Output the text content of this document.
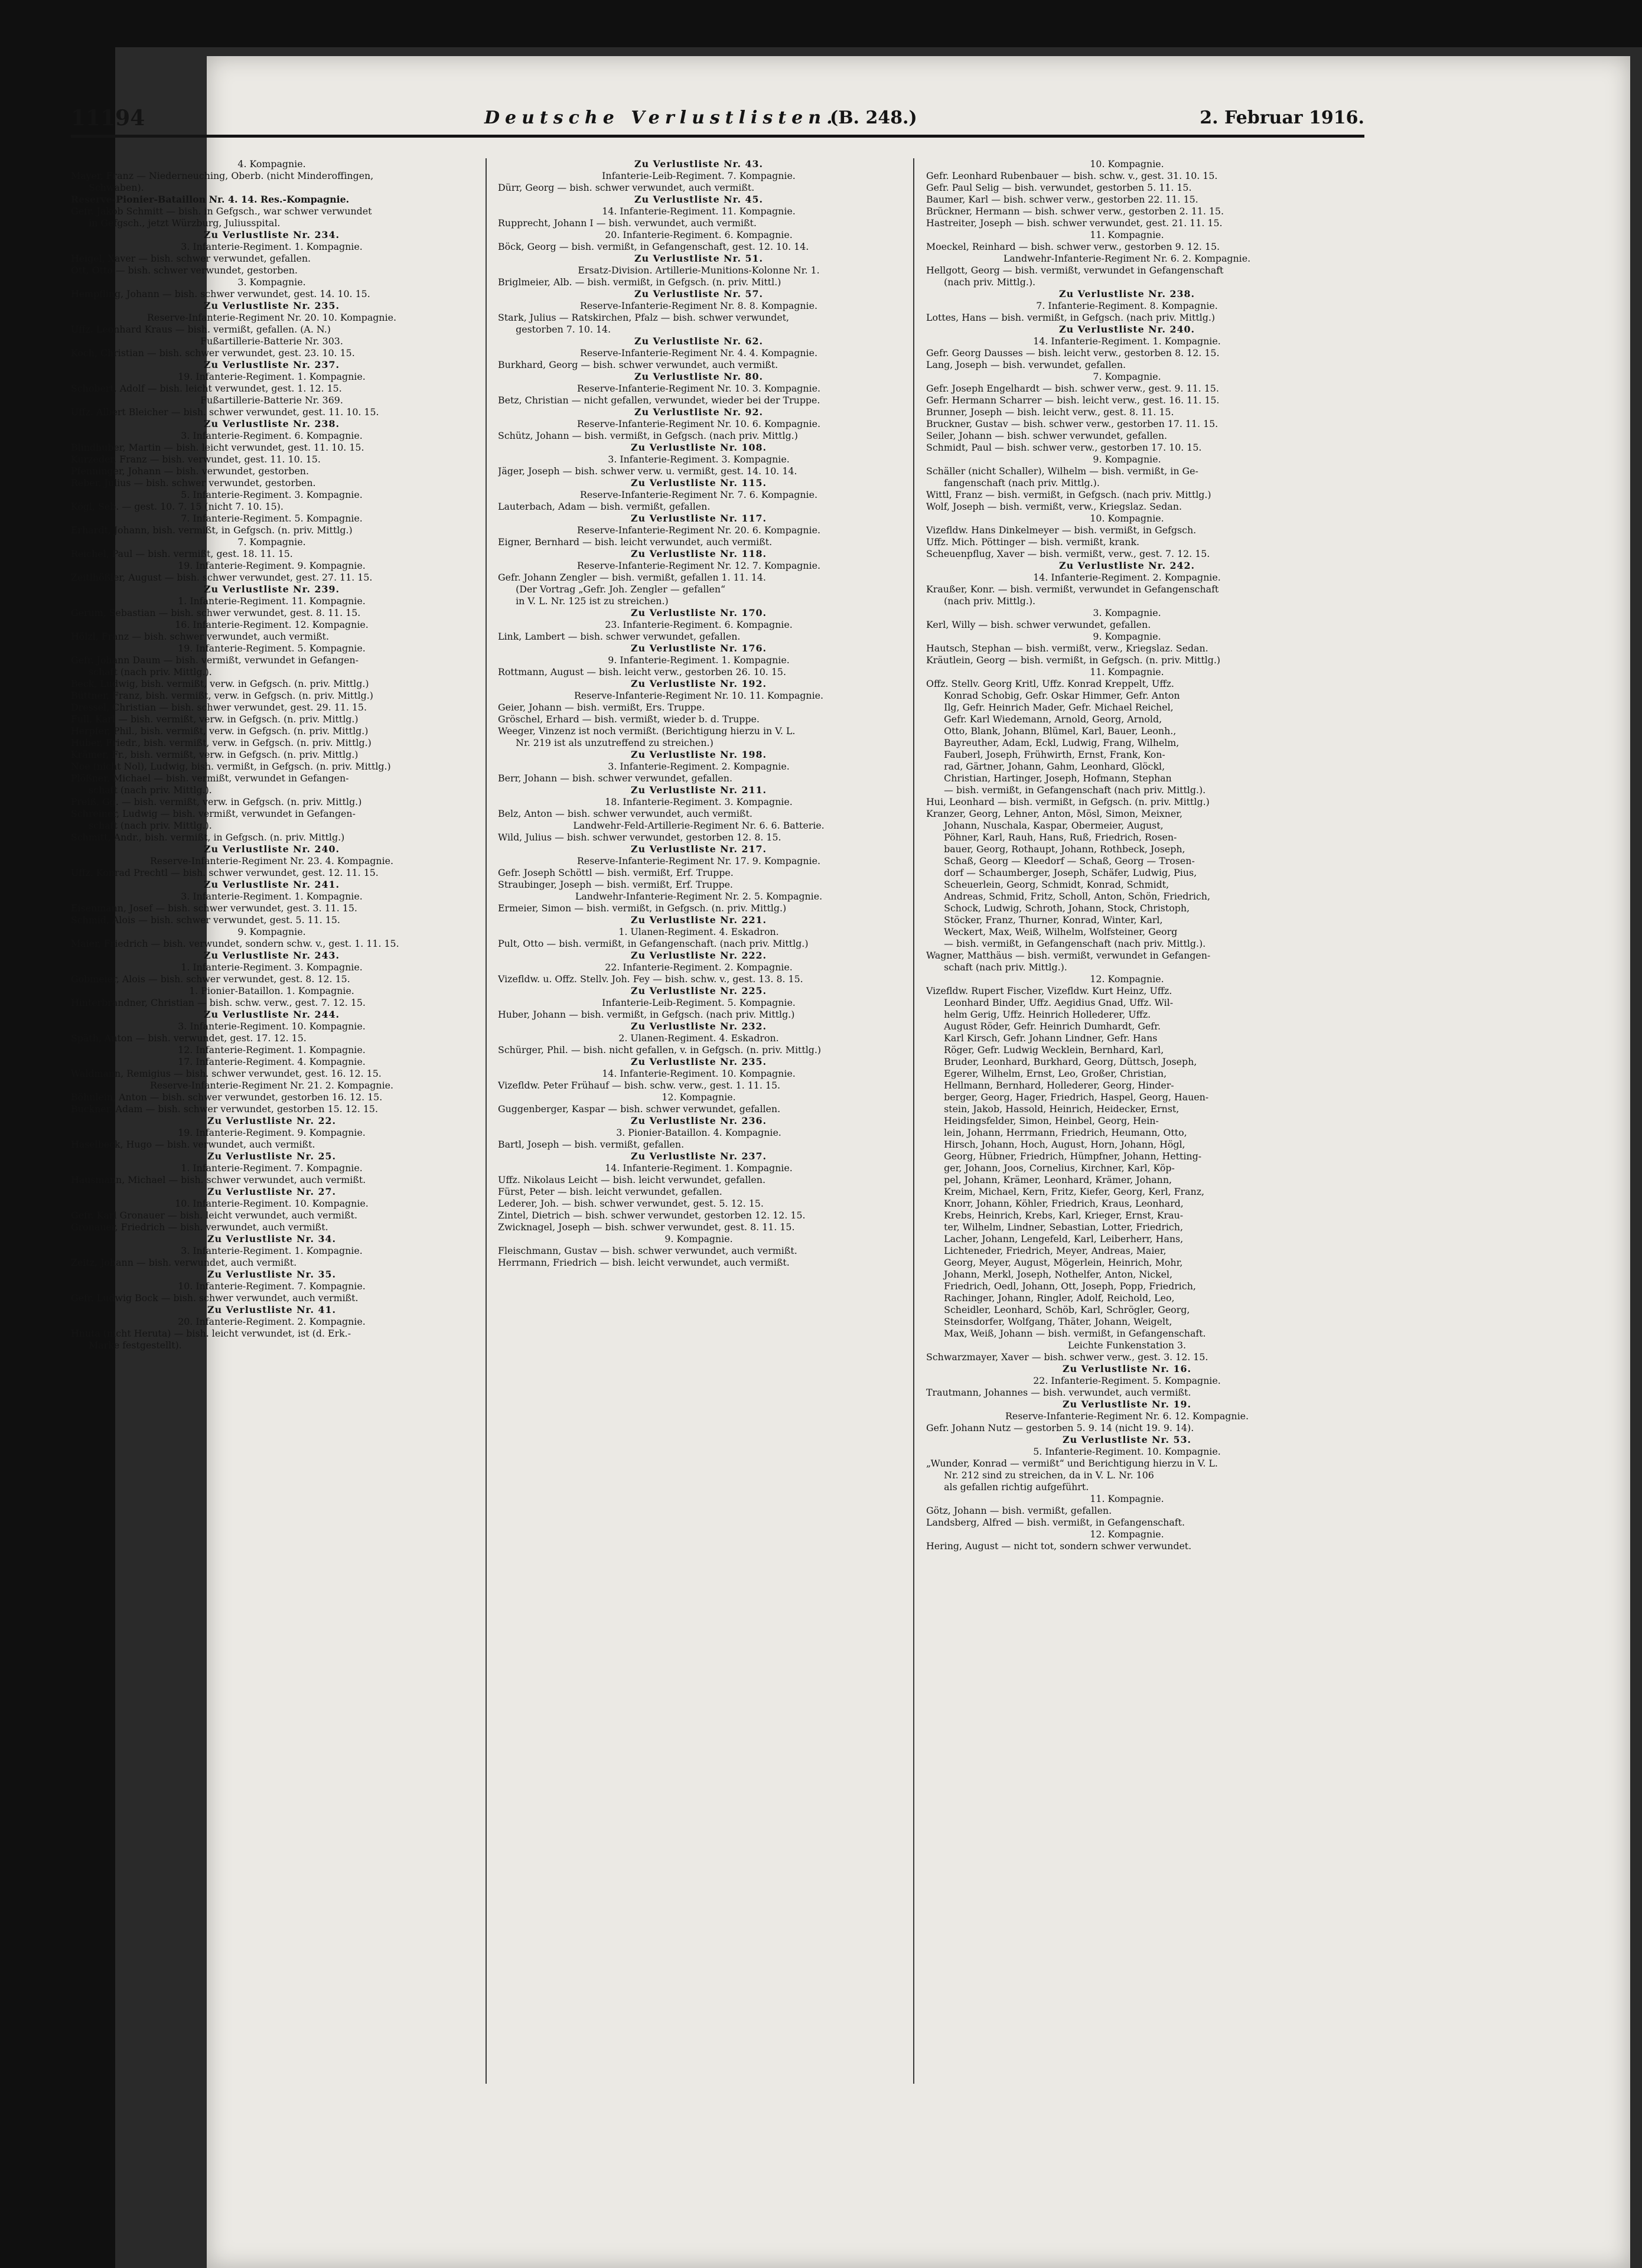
11194	Deutsche Verlustlisten.
(B. 248.)	2. Februar 1916.
4. Kompagnie.
Mayer, Franz — Niederneuching, Oberb. (nicht Minderoffingen,
Schwaben).
Reserve-Pionier-Bataillon Nr. 4. 14. Res.-Kompagnie.
Gefr. Jakob Schmitt — bish. in Gefgsch., war schwer verwundet
in Gefgsch., jetzt Würzburg, Juliusspital.
Zu Verlustliste Nr. 234.
3. Infanterie-Regiment. 1. Kompagnie.
Heigel, Xaver — bish. schwer verwundet, gefallen.
Ott, Otto — bish. schwer verwundet, gestorben.
3. Kompagnie.
Hempfling, Johann — bish. schwer verwundet, gest. 14. 10. 15.
Zu Verlustliste Nr. 235.
Reserve-Infanterie-Regiment Nr. 20. 10. Kompagnie.
Uffz. Leonhard Kraus — bish. vermißt, gefallen. (A. N.)
Fußartillerie-Batterie Nr. 303.
Koch, Christian — bish. schwer verwundet, gest. 23. 10. 15.
Zu Verlustliste Nr. 237.
19. Infanterie-Regiment. 1. Kompagnie.
Schobert, Adolf — bish. leicht verwundet, gest. 1. 12. 15.
Fußartillerie-Batterie Nr. 369.
Uffz. Albert Bleicher — bish. schwer verwundet, gest. 11. 10. 15.
Zu Verlustliste Nr. 238.
3. Infanterie-Regiment. 6. Kompagnie.
Blindhuber, Martin — bish. leicht verwundet, gest. 11. 10. 15.
Kurzeder, Franz — bish. verwundet, gest. 11. 10. 15.
Pfenninger, Johann — bish. verwundet, gestorben.
Reber, Julius — bish. schwer verwundet, gestorben.
5. Infanterie-Regiment. 3. Kompagnie.
Kögl, Seb. — gest. 10. 7. 15 (nicht 7. 10. 15).
7. Infanterie-Regiment. 5. Kompagnie.
Erhardt, Johann, bish. vermißt, in Gefgsch. (n. priv. Mittlg.)
7. Kompagnie.
Reichel, Paul — bish. vermißt, gest. 18. 11. 15.
19. Infanterie-Regiment. 9. Kompagnie.
Zeitlhößler, August — bish. schwer verwundet, gest. 27. 11. 15.
Zu Verlustliste Nr. 239.
1. Infanterie-Regiment. 11. Kompagnie.
Gerum, Sebastian — bish. schwer verwundet, gest. 8. 11. 15.
16. Infanterie-Regiment. 12. Kompagnie.
Hölzl, Franz — bish. schwer verwundet, auch vermißt.
19. Infanterie-Regiment. 5. Kompagnie.
Gefr. Johann Daum — bish. vermißt, verwundet in Gefangen-
schaft (nach priv. Mittlg.).
Beck, Ludwig, bish. vermißt, verw. in Gefgsch. (n. priv. Mittlg.)
Büttner, Franz, bish. vermißt, verw. in Gefgsch. (n. priv. Mittlg.)
Dressel, Christian — bish. schwer verwundet, gest. 29. 11. 15.
Full, Karl — bish. vermißt, verw. in Gefgsch. (n. priv. Mittlg.)
Herpfer, Phil., bish. vermißt, verw. in Gefgsch. (n. priv. Mittlg.)
Huber, Friedr., bish. vermißt, verw. in Gefgsch. (n. priv. Mittlg.)
Krämer, Fr., bish. vermißt, verw. in Gefgsch. (n. priv. Mittlg.)
Noe (nicht Nol), Ludwig, bish. vermißt, in Gefgsch. (n. priv. Mittlg.)
Plößner, Michael — bish. vermißt, verwundet in Gefangen-
schaft (nach priv. Mittlg.).
Preiß, Gg. — bish. vermißt, verw. in Gefgsch. (n. priv. Mittlg.)
Schreiner, Ludwig — bish. vermißt, verwundet in Gefangen-
schaft (nach priv. Mittlg.).
Schmitt, Andr., bish. vermißt, in Gefgsch. (n. priv. Mittlg.)
Zu Verlustliste Nr. 240.
Reserve-Infanterie-Regiment Nr. 23. 4. Kompagnie.
Uffz. Konrad Prechtl — bish. schwer verwundet, gest. 12. 11. 15.
Zu Verlustliste Nr. 241.
3. Infanterie-Regiment. 1. Kompagnie.
Eisenmann, Josef — bish. schwer verwundet, gest. 3. 11. 15.
Schmid, Alois — bish. schwer verwundet, gest. 5. 11. 15.
9. Kompagnie.
Maier, Friedrich — bish. verwundet, sondern schw. v., gest. 1. 11. 15.
Zu Verlustliste Nr. 243.
1. Infanterie-Regiment. 3. Kompagnie.
Gobmeier, Alois — bish. schwer verwundet, gest. 8. 12. 15.
1. Pionier-Bataillon. 1. Kompagnie.
Hinterbrandner, Christian — bish. schw. verw., gest. 7. 12. 15.
Zu Verlustliste Nr. 244.
3. Infanterie-Regiment. 10. Kompagnie.
Späth, Anton — bish. verwundet, gest. 17. 12. 15.
12. Infanterie-Regiment. 1. Kompagnie.
17. Infanterie-Regiment. 4. Kompagnie.
Waldmann, Remigius — bish. schwer verwundet, gest. 16. 12. 15.
Reserve-Infanterie-Regiment Nr. 21. 2. Kompagnie.
Böhnlein, Anton — bish. schwer verwundet, gestorben 16. 12. 15.
Buckner, Adam — bish. schwer verwundet, gestorben 15. 12. 15.
Zu Verlustliste Nr. 22.
19. Infanterie-Regiment. 9. Kompagnie.
Haselbeck, Hugo — bish. verwundet, auch vermißt.
Zu Verlustliste Nr. 25.
1. Infanterie-Regiment. 7. Kompagnie.
Hausmann, Michael — bish. schwer verwundet, auch vermißt.
Zu Verlustliste Nr. 27.
10. Infanterie-Regiment. 10. Kompagnie.
Gefr. Karl Gronauer — bish. leicht verwundet, auch vermißt.
Gronauer, Friedrich — bish. verwundet, auch vermißt.
Zu Verlustliste Nr. 34.
3. Infanterie-Regiment. 1. Kompagnie.
Zeitz, Johann — bish. verwundet, auch vermißt.
Zu Verlustliste Nr. 35.
10. Infanterie-Regiment. 7. Kompagnie.
Gefr. Ludwig Bock — bish. schwer verwundet, auch vermißt.
Zu Verlustliste Nr. 41.
20. Infanterie-Regiment. 2. Kompagnie.
Hnuta (nicht Heruta) — bish. leicht verwundet, ist (d. Erk.-
Marke festgestellt).
Zu Verlustliste Nr. 43.
Infanterie-Leib-Regiment. 7. Kompagnie.
Dürr, Georg — bish. schwer verwundet, auch vermißt.
Zu Verlustliste Nr. 45.
14. Infanterie-Regiment. 11. Kompagnie.
Rupprecht, Johann I — bish. verwundet, auch vermißt.
20. Infanterie-Regiment. 6. Kompagnie.
Böck, Georg — bish. vermißt, in Gefangenschaft, gest. 12. 10. 14.
Zu Verlustliste Nr. 51.
Ersatz-Division. Artillerie-Munitions-Kolonne Nr. 1.
Briglmeier, Alb. — bish. vermißt, in Gefgsch. (n. priv. Mittl.)
Zu Verlustliste Nr. 57.
Reserve-Infanterie-Regiment Nr. 8. 8. Kompagnie.
Stark, Julius — Ratskirchen, Pfalz — bish. schwer verwundet,
gestorben 7. 10. 14.
Zu Verlustliste Nr. 62.
Reserve-Infanterie-Regiment Nr. 4. 4. Kompagnie.
Burkhard, Georg — bish. schwer verwundet, auch vermißt.
Zu Verlustliste Nr. 80.
Reserve-Infanterie-Regiment Nr. 10. 3. Kompagnie.
Betz, Christian — nicht gefallen, verwundet, wieder bei der Truppe.
Zu Verlustliste Nr. 92.
Reserve-Infanterie-Regiment Nr. 10. 6. Kompagnie.
Schütz, Johann — bish. vermißt, in Gefgsch. (nach priv. Mittlg.)
Zu Verlustliste Nr. 108.
3. Infanterie-Regiment. 3. Kompagnie.
Jäger, Joseph — bish. schwer verw. u. vermißt, gest. 14. 10. 14.
Zu Verlustliste Nr. 115.
Reserve-Infanterie-Regiment Nr. 7. 6. Kompagnie.
Lauterbach, Adam — bish. vermißt, gefallen.
Zu Verlustliste Nr. 117.
Reserve-Infanterie-Regiment Nr. 20. 6. Kompagnie.
Eigner, Bernhard — bish. leicht verwundet, auch vermißt.
Zu Verlustliste Nr. 118.
Reserve-Infanterie-Regiment Nr. 12. 7. Kompagnie.
Gefr. Johann Zengler — bish. vermißt, gefallen 1. 11. 14.
(Der Vortrag „Gefr. Joh. Zengler — gefallen“
in V. L. Nr. 125 ist zu streichen.)
Zu Verlustliste Nr. 170.
23. Infanterie-Regiment. 6. Kompagnie.
Link, Lambert — bish. schwer verwundet, gefallen.
Zu Verlustliste Nr. 176.
9. Infanterie-Regiment. 1. Kompagnie.
Rottmann, August — bish. leicht verw., gestorben 26. 10. 15.
Zu Verlustliste Nr. 192.
Reserve-Infanterie-Regiment Nr. 10. 11. Kompagnie.
Geier, Johann — bish. vermißt, Ers. Truppe.
Gröschel, Erhard — bish. vermißt, wieder b. d. Truppe.
Weeger, Vinzenz ist noch vermißt. (Berichtigung hierzu in V. L.
Nr. 219 ist als unzutreffend zu streichen.)
Zu Verlustliste Nr. 198.
3. Infanterie-Regiment. 2. Kompagnie.
Berr, Johann — bish. schwer verwundet, gefallen.
Zu Verlustliste Nr. 211.
18. Infanterie-Regiment. 3. Kompagnie.
Belz, Anton — bish. schwer verwundet, auch vermißt.
Landwehr-Feld-Artillerie-Regiment Nr. 6. 6. Batterie.
Wild, Julius — bish. schwer verwundet, gestorben 12. 8. 15.
Zu Verlustliste Nr. 217.
Reserve-Infanterie-Regiment Nr. 17. 9. Kompagnie.
Gefr. Joseph Schöttl — bish. vermißt, Erf. Truppe.
Straubinger, Joseph — bish. vermißt, Erf. Truppe.
Landwehr-Infanterie-Regiment Nr. 2. 5. Kompagnie.
Ermeier, Simon — bish. vermißt, in Gefgsch. (n. priv. Mittlg.)
Zu Verlustliste Nr. 221.
1. Ulanen-Regiment. 4. Eskadron.
Pult, Otto — bish. vermißt, in Gefangenschaft. (nach priv. Mittlg.)
Zu Verlustliste Nr. 222.
22. Infanterie-Regiment. 2. Kompagnie.
Vizefldw. u. Offz. Stellv. Joh. Fey — bish. schw. v., gest. 13. 8. 15.
Zu Verlustliste Nr. 225.
Infanterie-Leib-Regiment. 5. Kompagnie.
Huber, Johann — bish. vermißt, in Gefgsch. (nach priv. Mittlg.)
Zu Verlustliste Nr. 232.
2. Ulanen-Regiment. 4. Eskadron.
Schürger, Phil. — bish. nicht gefallen, v. in Gefgsch. (n. priv. Mittlg.)
Zu Verlustliste Nr. 235.
14. Infanterie-Regiment. 10. Kompagnie.
Vizefldw. Peter Frühauf — bish. schw. verw., gest. 1. 11. 15.
12. Kompagnie.
Guggenberger, Kaspar — bish. schwer verwundet, gefallen.
Zu Verlustliste Nr. 236.
3. Pionier-Bataillon. 4. Kompagnie.
Bartl, Joseph — bish. vermißt, gefallen.
Zu Verlustliste Nr. 237.
14. Infanterie-Regiment. 1. Kompagnie.
Uffz. Nikolaus Leicht — bish. leicht verwundet, gefallen.
Fürst, Peter — bish. leicht verwundet, gefallen.
Lederer, Joh. — bish. schwer verwundet, gest. 5. 12. 15.
Zintel, Dietrich — bish. schwer verwundet, gestorben 12. 12. 15.
Zwicknagel, Joseph — bish. schwer verwundet, gest. 8. 11. 15.
9. Kompagnie.
Fleischmann, Gustav — bish. schwer verwundet, auch vermißt.
Herrmann, Friedrich — bish. leicht verwundet, auch vermißt.
10. Kompagnie.
Gefr. Leonhard Rubenbauer — bish. schw. v., gest. 31. 10. 15.
Gefr. Paul Selig — bish. verwundet, gestorben 5. 11. 15.
Baumer, Karl — bish. schwer verw., gestorben 22. 11. 15.
Brückner, Hermann — bish. schwer verw., gestorben 2. 11. 15.
Hastreiter, Joseph — bish. schwer verwundet, gest. 21. 11. 15.
11. Kompagnie.
Moeckel, Reinhard — bish. schwer verw., gestorben 9. 12. 15.
Landwehr-Infanterie-Regiment Nr. 6. 2. Kompagnie.
Hellgott, Georg — bish. vermißt, verwundet in Gefangenschaft
(nach priv. Mittlg.).
Zu Verlustliste Nr. 238.
7. Infanterie-Regiment. 8. Kompagnie.
Lottes, Hans — bish. vermißt, in Gefgsch. (nach priv. Mittlg.)
Zu Verlustliste Nr. 240.
14. Infanterie-Regiment. 1. Kompagnie.
Gefr. Georg Dausses — bish. leicht verw., gestorben 8. 12. 15.
Lang, Joseph — bish. verwundet, gefallen.
7. Kompagnie.
Gefr. Joseph Engelhardt — bish. schwer verw., gest. 9. 11. 15.
Gefr. Hermann Scharrer — bish. leicht verw., gest. 16. 11. 15.
Brunner, Joseph — bish. leicht verw., gest. 8. 11. 15.
Bruckner, Gustav — bish. schwer verw., gestorben 17. 11. 15.
Seiler, Johann — bish. schwer verwundet, gefallen.
Schmidt, Paul — bish. schwer verw., gestorben 17. 10. 15.
9. Kompagnie.
Schäller (nicht Schaller), Wilhelm — bish. vermißt, in Ge-
fangenschaft (nach priv. Mittlg.).
Wittl, Franz — bish. vermißt, in Gefgsch. (nach priv. Mittlg.)
Wolf, Joseph — bish. vermißt, verw., Kriegslaz. Sedan.
10. Kompagnie.
Vizefldw. Hans Dinkelmeyer — bish. vermißt, in Gefgsch.
Uffz. Mich. Pöttinger — bish. vermißt, krank.
Scheuenpflug, Xaver — bish. vermißt, verw., gest. 7. 12. 15.
Zu Verlustliste Nr. 242.
14. Infanterie-Regiment. 2. Kompagnie.
Kraußer, Konr. — bish. vermißt, verwundet in Gefangenschaft
(nach priv. Mittlg.).
3. Kompagnie.
Kerl, Willy — bish. schwer verwundet, gefallen.
9. Kompagnie.
Hautsch, Stephan — bish. vermißt, verw., Kriegslaz. Sedan.
Kräutlein, Georg — bish. vermißt, in Gefgsch. (n. priv. Mittlg.)
11. Kompagnie.
Offz. Stellv. Georg Kritl, Uffz. Konrad Kreppelt, Uffz.
Konrad Schobig, Gefr. Oskar Himmer, Gefr. Anton
Ilg, Gefr. Heinrich Mader, Gefr. Michael Reichel,
Gefr. Karl Wiedemann, Arnold, Georg, Arnold,
Otto, Blank, Johann, Blümel, Karl, Bauer, Leonh.,
Bayreuther, Adam, Eckl, Ludwig, Frang, Wilhelm,
Fauberl, Joseph, Frühwirth, Ernst, Frank, Kon-
rad, Gärtner, Johann, Gahm, Leonhard, Glöckl,
Christian, Hartinger, Joseph, Hofmann, Stephan
— bish. vermißt, in Gefangenschaft (nach priv. Mittlg.).
Hui, Leonhard — bish. vermißt, in Gefgsch. (n. priv. Mittlg.)
Kranzer, Georg, Lehner, Anton, Mösl, Simon, Meixner,
Johann, Nuschala, Kaspar, Obermeier, August,
Pöhner, Karl, Rauh, Hans, Ruß, Friedrich, Rosen-
bauer, Georg, Rothaupt, Johann, Rothbeck, Joseph,
Schaß, Georg — Kleedorf — Schaß, Georg — Trosen-
dorf — Schaumberger, Joseph, Schäfer, Ludwig, Pius,
Scheuerlein, Georg, Schmidt, Konrad, Schmidt,
Andreas, Schmid, Fritz, Scholl, Anton, Schön, Friedrich,
Schock, Ludwig, Schroth, Johann, Stock, Christoph,
Stöcker, Franz, Thurner, Konrad, Winter, Karl,
Weckert, Max, Weiß, Wilhelm, Wolfsteiner, Georg
— bish. vermißt, in Gefangenschaft (nach priv. Mittlg.).
Wagner, Matthäus — bish. vermißt, verwundet in Gefangen-
schaft (nach priv. Mittlg.).
12. Kompagnie.
Vizefldw. Rupert Fischer, Vizefldw. Kurt Heinz, Uffz.
Leonhard Binder, Uffz. Aegidius Gnad, Uffz. Wil-
helm Gerig, Uffz. Heinrich Hollederer, Uffz.
August Röder, Gefr. Heinrich Dumhardt, Gefr.
Karl Kirsch, Gefr. Johann Lindner, Gefr. Hans
Röger, Gefr. Ludwig Wecklein, Bernhard, Karl,
Bruder, Leonhard, Burkhard, Georg, Düttsch, Joseph,
Egerer, Wilhelm, Ernst, Leo, Großer, Christian,
Hellmann, Bernhard, Hollederer, Georg, Hinder-
berger, Georg, Hager, Friedrich, Haspel, Georg, Hauen-
stein, Jakob, Hassold, Heinrich, Heidecker, Ernst,
Heidingsfelder, Simon, Heinbel, Georg, Hein-
lein, Johann, Herrmann, Friedrich, Heumann, Otto,
Hirsch, Johann, Hoch, August, Horn, Johann, Högl,
Georg, Hübner, Friedrich, Hümpfner, Johann, Hetting-
ger, Johann, Joos, Cornelius, Kirchner, Karl, Köp-
pel, Johann, Krämer, Leonhard, Krämer, Johann,
Kreim, Michael, Kern, Fritz, Kiefer, Georg, Kerl, Franz,
Knorr, Johann, Köhler, Friedrich, Kraus, Leonhard,
Krebs, Heinrich, Krebs, Karl, Krieger, Ernst, Krau-
ter, Wilhelm, Lindner, Sebastian, Lotter, Friedrich,
Lacher, Johann, Lengefeld, Karl, Leiberherr, Hans,
Lichteneder, Friedrich, Meyer, Andreas, Maier,
Georg, Meyer, August, Mögerlein, Heinrich, Mohr,
Johann, Merkl, Joseph, Nothelfer, Anton, Nickel,
Friedrich, Oedl, Johann, Ott, Joseph, Popp, Friedrich,
Rachinger, Johann, Ringler, Adolf, Reichold, Leo,
Scheidler, Leonhard, Schöb, Karl, Schrögler, Georg,
Steinsdorfer, Wolfgang, Thäter, Johann, Weigelt,
Max, Weiß, Johann — bish. vermißt, in Gefangenschaft.
Leichte Funkenstation 3.
Schwarzmayer, Xaver — bish. schwer verw., gest. 3. 12. 15.
Zu Verlustliste Nr. 16.
22. Infanterie-Regiment. 5. Kompagnie.
Trautmann, Johannes — bish. verwundet, auch vermißt.
Zu Verlustliste Nr. 19.
Reserve-Infanterie-Regiment Nr. 6. 12. Kompagnie.
Gefr. Johann Nutz — gestorben 5. 9. 14 (nicht 19. 9. 14).
Zu Verlustliste Nr. 53.
5. Infanterie-Regiment. 10. Kompagnie.
„Wunder, Konrad — vermißt“ und Berichtigung hierzu in V. L.
Nr. 212 sind zu streichen, da in V. L. Nr. 106
als gefallen richtig aufgeführt.
11. Kompagnie.
Götz, Johann — bish. vermißt, gefallen.
Landsberg, Alfred — bish. vermißt, in Gefangenschaft.
12. Kompagnie.
Hering, August — nicht tot, sondern schwer verwundet.
